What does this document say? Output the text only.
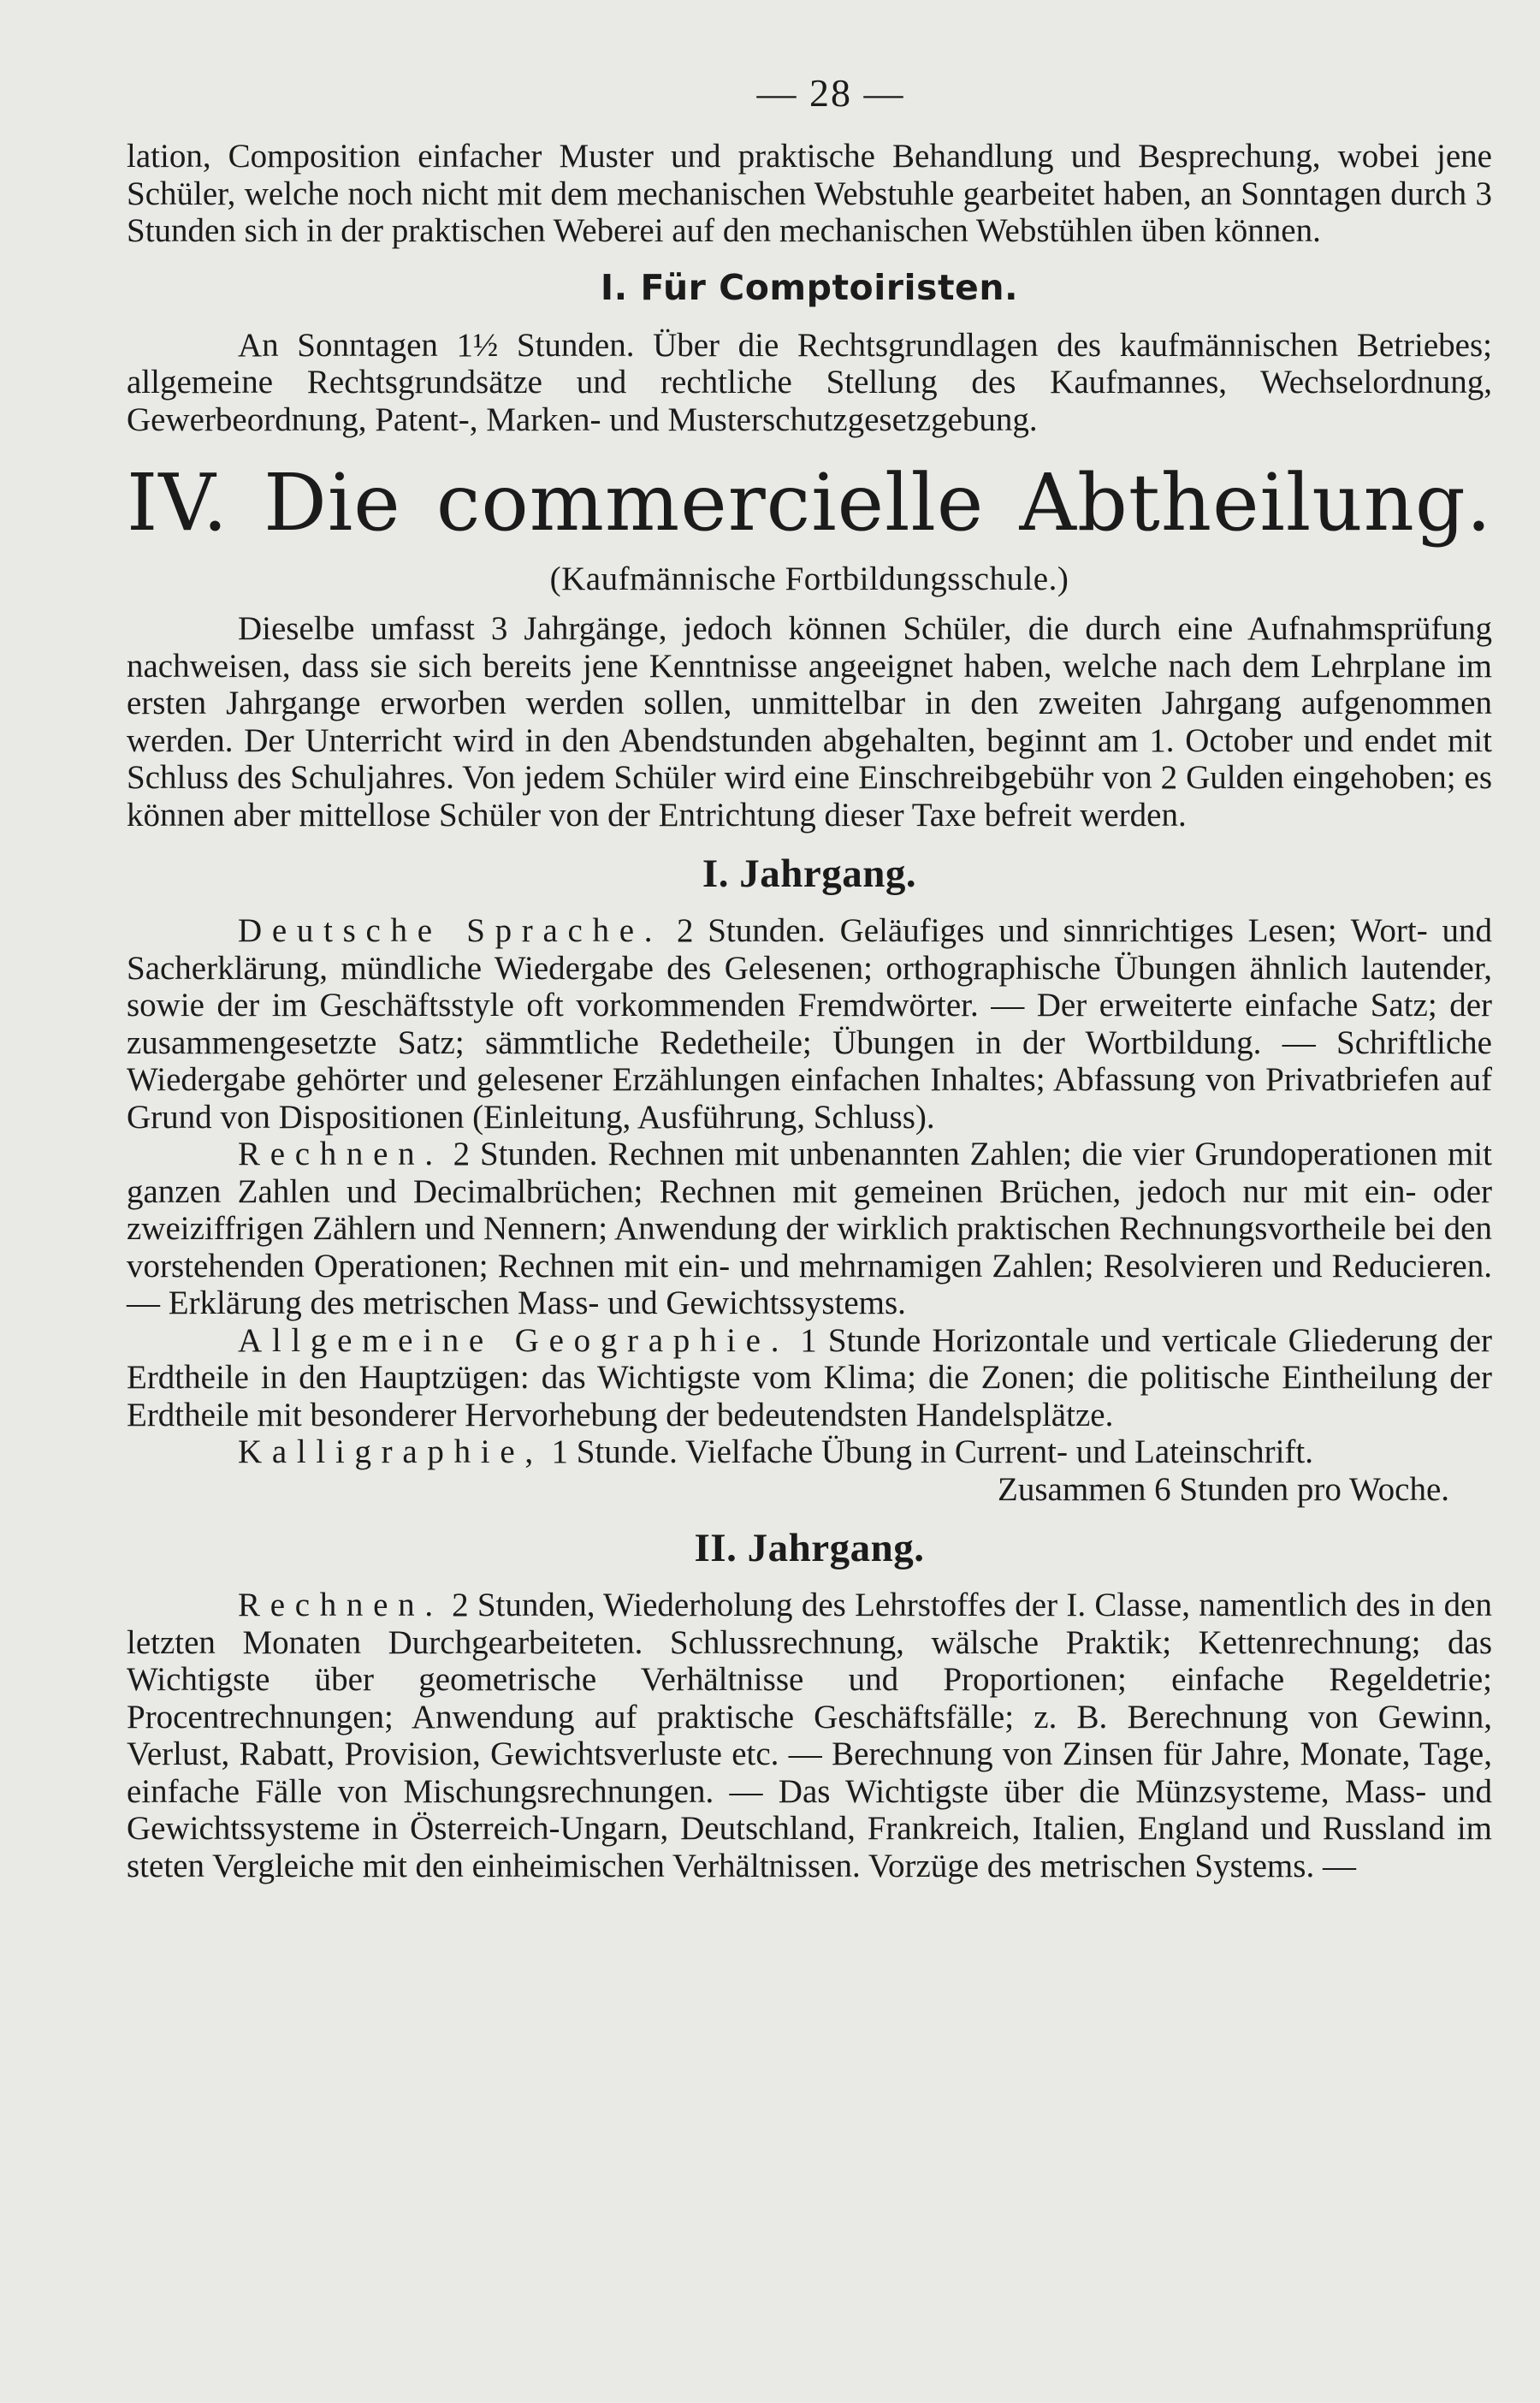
— 28 —

lation, Composition einfacher Muster und praktische Behandlung und Besprechung, wobei jene Schüler, welche noch nicht mit dem mechanischen Webstuhle gearbeitet haben, an Sonntagen durch 3 Stunden sich in der praktischen Weberei auf den mechanischen Webstühlen üben können.

I. Für Comptoiristen.

An Sonntagen 1½ Stunden. Über die Rechtsgrundlagen des kaufmännischen Betriebes; allgemeine Rechtsgrundsätze und rechtliche Stellung des Kaufmannes, Wechselordnung, Gewerbeordnung, Patent-, Marken- und Musterschutzgesetzgebung.

IV. Die commercielle Abtheilung.
(Kaufmännische Fortbildungsschule.)

Dieselbe umfasst 3 Jahrgänge, jedoch können Schüler, die durch eine Aufnahmsprüfung nachweisen, dass sie sich bereits jene Kenntnisse angeeignet haben, welche nach dem Lehrplane im ersten Jahrgange erworben werden sollen, unmittelbar in den zweiten Jahrgang aufgenommen werden. Der Unterricht wird in den Abendstunden abgehalten, beginnt am 1. October und endet mit Schluss des Schuljahres. Von jedem Schüler wird eine Einschreibgebühr von 2 Gulden eingehoben; es können aber mittellose Schüler von der Entrichtung dieser Taxe befreit werden.

I. Jahrgang.

Deutsche Sprache. 2 Stunden. Geläufiges und sinnrichtiges Lesen; Wort- und Sacherklärung, mündliche Wiedergabe des Gelesenen; orthographische Übungen ähnlich lautender, sowie der im Geschäftsstyle oft vorkommenden Fremdwörter. — Der erweiterte einfache Satz; der zusammengesetzte Satz; sämmtliche Redetheile; Übungen in der Wortbildung. — Schriftliche Wiedergabe gehörter und gelesener Erzählungen einfachen Inhaltes; Abfassung von Privatbriefen auf Grund von Dispositionen (Einleitung, Ausführung, Schluss).

Rechnen. 2 Stunden. Rechnen mit unbenannten Zahlen; die vier Grundoperationen mit ganzen Zahlen und Decimalbrüchen; Rechnen mit gemeinen Brüchen, jedoch nur mit ein- oder zweiziffrigen Zählern und Nennern; Anwendung der wirklich praktischen Rechnungsvortheile bei den vorstehenden Operationen; Rechnen mit ein- und mehrnamigen Zahlen; Resolvieren und Reducieren. — Erklärung des metrischen Mass- und Gewichtssystems.

Allgemeine Geographie. 1 Stunde Horizontale und verticale Gliederung der Erdtheile in den Hauptzügen: das Wichtigste vom Klima; die Zonen; die politische Eintheilung der Erdtheile mit besonderer Hervorhebung der bedeutendsten Handelsplätze.

Kalligraphie, 1 Stunde. Vielfache Übung in Current- und Lateinschrift.

Zusammen 6 Stunden pro Woche.
II. Jahrgang.

Rechnen. 2 Stunden, Wiederholung des Lehrstoffes der I. Classe, namentlich des in den letzten Monaten Durchgearbeiteten. Schlussrechnung, wälsche Praktik; Kettenrechnung; das Wichtigste über geometrische Verhältnisse und Proportionen; einfache Regeldetrie; Procentrechnungen; Anwendung auf praktische Geschäftsfälle; z. B. Berechnung von Gewinn, Verlust, Rabatt, Provision, Gewichtsverluste etc. — Berechnung von Zinsen für Jahre, Monate, Tage, einfache Fälle von Mischungsrechnungen. — Das Wichtigste über die Münzsysteme, Mass- und Gewichtssysteme in Österreich-Ungarn, Deutschland, Frankreich, Italien, England und Russland im steten Vergleiche mit den einheimischen Verhältnissen. Vorzüge des metrischen Systems. —
